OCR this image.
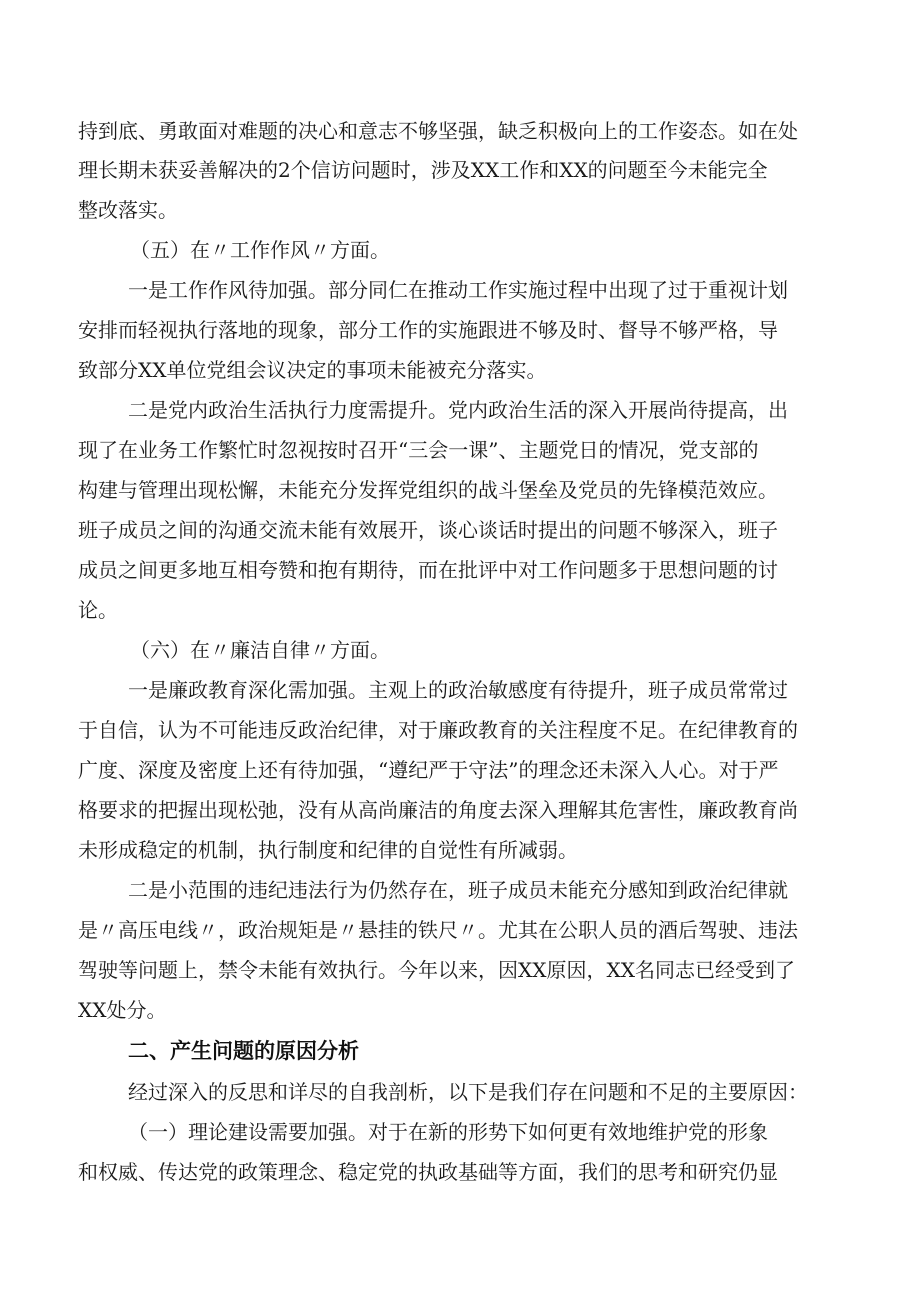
持到底、勇敢面对难题的决心和意志不够坚强，缺乏积极向上的工作姿态。如在处
理长期未获妥善解决的2个信访问题时，涉及XX工作和XX的问题至今未能完全
整改落实。
（五）在〃工作作风〃方面。
一是工作作风待加强。部分同仁在推动工作实施过程中出现了过于重视计划
安排而轻视执行落地的现象，部分工作的实施跟进不够及时、督导不够严格，导
致部分XX单位党组会议决定的事项未能被充分落实。
二是党内政治生活执行力度需提升。党内政治生活的深入开展尚待提高，出
现了在业务工作繁忙时忽视按时召开“三会一课”、主题党日的情况，党支部的
构建与管理出现松懈，未能充分发挥党组织的战斗堡垒及党员的先锋模范效应。
班子成员之间的沟通交流未能有效展开，谈心谈话时提出的问题不够深入，班子
成员之间更多地互相夸赞和抱有期待，而在批评中对工作问题多于思想问题的讨
论。
（六）在〃廉洁自律〃方面。
一是廉政教育深化需加强。主观上的政治敏感度有待提升，班子成员常常过
于自信，认为不可能违反政治纪律，对于廉政教育的关注程度不足。在纪律教育的
广度、深度及密度上还有待加强，“遵纪严于守法”的理念还未深入人心。对于严
格要求的把握出现松弛，没有从高尚廉洁的角度去深入理解其危害性，廉政教育尚
未形成稳定的机制，执行制度和纪律的自觉性有所减弱。
二是小范围的违纪违法行为仍然存在，班子成员未能充分感知到政治纪律就
是〃高压电线〃，政治规矩是〃悬挂的铁尺〃。尤其在公职人员的酒后驾驶、违法
驾驶等问题上，禁令未能有效执行。今年以来，因XX原因，XX名同志已经受到了
XX处分。
二、产生问题的原因分析
经过深入的反思和详尽的自我剖析，以下是我们存在问题和不足的主要原因：
（一）理论建设需要加强。对于在新的形势下如何更有效地维护党的形象
和权威、传达党的政策理念、稳定党的执政基础等方面，我们的思考和研究仍显
